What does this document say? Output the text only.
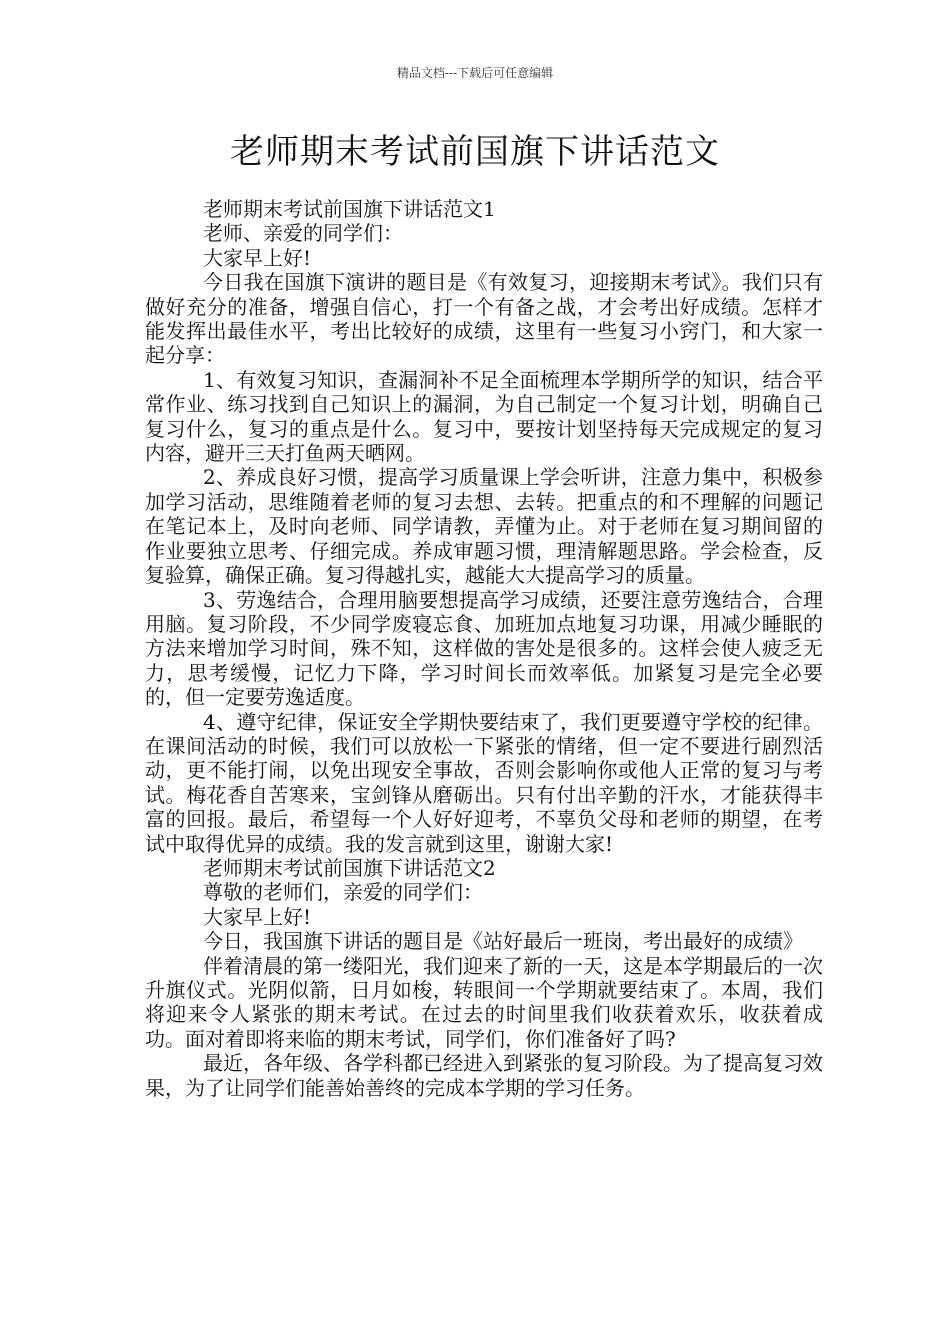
精品文档---下载后可任意编辑
老师期末考试前国旗下讲话范文

老师期末考试前国旗下讲话范文1

老师、亲爱的同学们：

大家早上好!

今日我在国旗下演讲的题目是《有效复习，迎接期末考试》。我们只有做好充分的准备，增强自信心，打一个有备之战，才会考出好成绩。怎样才能发挥出最佳水平，考出比较好的成绩，这里有一些复习小窍门，和大家一起分享：

1、有效复习知识，查漏洞补不足全面梳理本学期所学的知识，结合平常作业、练习找到自己知识上的漏洞，为自己制定一个复习计划，明确自己复习什么，复习的重点是什么。复习中，要按计划坚持每天完成规定的复习内容，避开三天打鱼两天晒网。

2、养成良好习惯，提高学习质量课上学会听讲，注意力集中，积极参加学习活动，思维随着老师的复习去想、去转。把重点的和不理解的问题记在笔记本上，及时向老师、同学请教，弄懂为止。对于老师在复习期间留的作业要独立思考、仔细完成。养成审题习惯，理清解题思路。学会检查，反复验算，确保正确。复习得越扎实，越能大大提高学习的质量。

3、劳逸结合，合理用脑要想提高学习成绩，还要注意劳逸结合，合理用脑。复习阶段，不少同学废寝忘食、加班加点地复习功课，用减少睡眠的方法来增加学习时间，殊不知，这样做的害处是很多的。这样会使人疲乏无力，思考缓慢，记忆力下降，学习时间长而效率低。加紧复习是完全必要的，但一定要劳逸适度。

4、遵守纪律，保证安全学期快要结束了，我们更要遵守学校的纪律。在课间活动的时候，我们可以放松一下紧张的情绪，但一定不要进行剧烈活动，更不能打闹，以免出现安全事故，否则会影响你或他人正常的复习与考试。梅花香自苦寒来，宝剑锋从磨砺出。只有付出辛勤的汗水，才能获得丰富的回报。最后，希望每一个人好好迎考，不辜负父母和老师的期望，在考试中取得优异的成绩。我的发言就到这里，谢谢大家!

老师期末考试前国旗下讲话范文2

尊敬的老师们，亲爱的同学们：

大家早上好!

今日，我国旗下讲话的题目是《站好最后一班岗，考出最好的成绩》

伴着清晨的第一缕阳光，我们迎来了新的一天，这是本学期最后的一次升旗仪式。光阴似箭，日月如梭，转眼间一个学期就要结束了。本周，我们将迎来令人紧张的期末考试。在过去的时间里我们收获着欢乐，收获着成功。面对着即将来临的期末考试，同学们，你们准备好了吗?

最近，各年级、各学科都已经进入到紧张的复习阶段。为了提高复习效果，为了让同学们能善始善终的完成本学期的学习任务。
